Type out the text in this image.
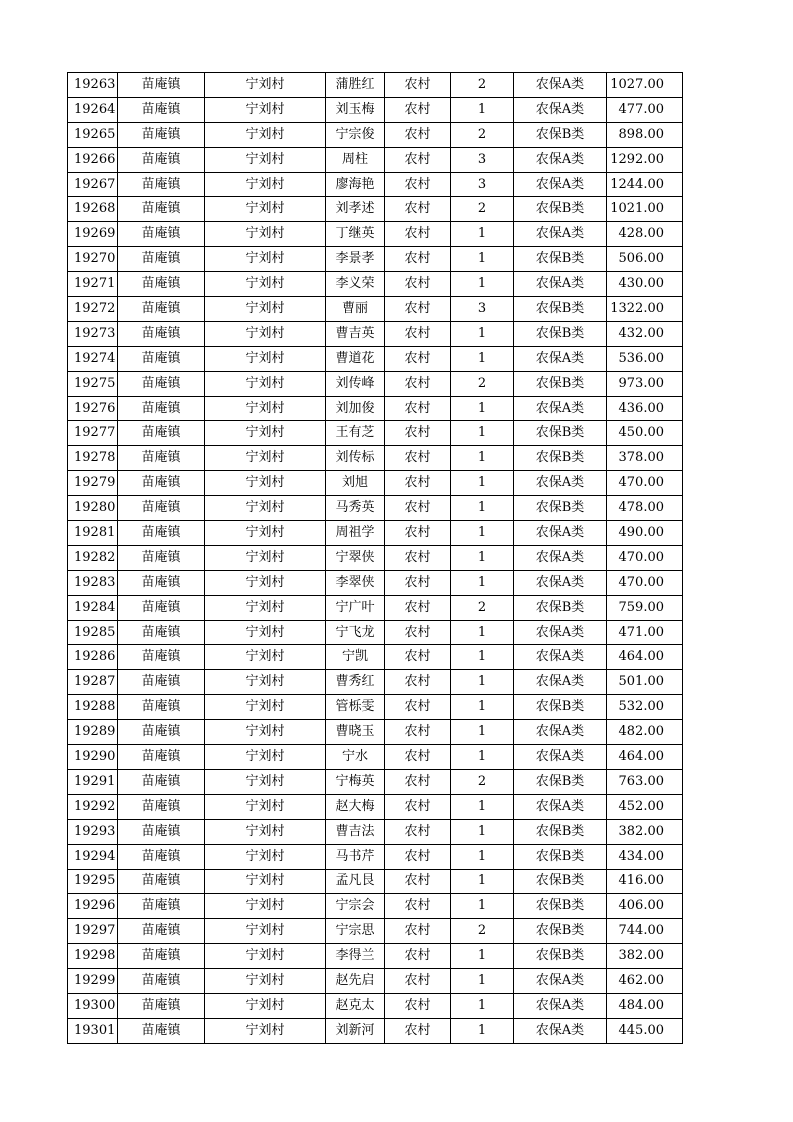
19263	苗庵镇	宁刘村	蒲胜红	农村	2	农保A类	1027.00
19264	苗庵镇	宁刘村	刘玉梅	农村	1	农保A类	477.00
19265	苗庵镇	宁刘村	宁宗俊	农村	2	农保B类	898.00
19266	苗庵镇	宁刘村	周柱	农村	3	农保A类	1292.00
19267	苗庵镇	宁刘村	廖海艳	农村	3	农保A类	1244.00
19268	苗庵镇	宁刘村	刘孝述	农村	2	农保B类	1021.00
19269	苗庵镇	宁刘村	丁继英	农村	1	农保A类	428.00
19270	苗庵镇	宁刘村	李景孝	农村	1	农保B类	506.00
19271	苗庵镇	宁刘村	李义荣	农村	1	农保A类	430.00
19272	苗庵镇	宁刘村	曹丽	农村	3	农保B类	1322.00
19273	苗庵镇	宁刘村	曹吉英	农村	1	农保B类	432.00
19274	苗庵镇	宁刘村	曹道花	农村	1	农保A类	536.00
19275	苗庵镇	宁刘村	刘传峰	农村	2	农保B类	973.00
19276	苗庵镇	宁刘村	刘加俊	农村	1	农保A类	436.00
19277	苗庵镇	宁刘村	王有芝	农村	1	农保B类	450.00
19278	苗庵镇	宁刘村	刘传标	农村	1	农保B类	378.00
19279	苗庵镇	宁刘村	刘旭	农村	1	农保A类	470.00
19280	苗庵镇	宁刘村	马秀英	农村	1	农保B类	478.00
19281	苗庵镇	宁刘村	周祖学	农村	1	农保A类	490.00
19282	苗庵镇	宁刘村	宁翠侠	农村	1	农保A类	470.00
19283	苗庵镇	宁刘村	李翠侠	农村	1	农保A类	470.00
19284	苗庵镇	宁刘村	宁广叶	农村	2	农保B类	759.00
19285	苗庵镇	宁刘村	宁飞龙	农村	1	农保A类	471.00
19286	苗庵镇	宁刘村	宁凯	农村	1	农保A类	464.00
19287	苗庵镇	宁刘村	曹秀红	农村	1	农保A类	501.00
19288	苗庵镇	宁刘村	管栎雯	农村	1	农保B类	532.00
19289	苗庵镇	宁刘村	曹晓玉	农村	1	农保A类	482.00
19290	苗庵镇	宁刘村	宁水	农村	1	农保A类	464.00
19291	苗庵镇	宁刘村	宁梅英	农村	2	农保B类	763.00
19292	苗庵镇	宁刘村	赵大梅	农村	1	农保A类	452.00
19293	苗庵镇	宁刘村	曹吉法	农村	1	农保B类	382.00
19294	苗庵镇	宁刘村	马书芹	农村	1	农保B类	434.00
19295	苗庵镇	宁刘村	孟凡艮	农村	1	农保B类	416.00
19296	苗庵镇	宁刘村	宁宗会	农村	1	农保B类	406.00
19297	苗庵镇	宁刘村	宁宗思	农村	2	农保B类	744.00
19298	苗庵镇	宁刘村	李得兰	农村	1	农保B类	382.00
19299	苗庵镇	宁刘村	赵先启	农村	1	农保A类	462.00
19300	苗庵镇	宁刘村	赵克太	农村	1	农保A类	484.00
19301	苗庵镇	宁刘村	刘新河	农村	1	农保A类	445.00
